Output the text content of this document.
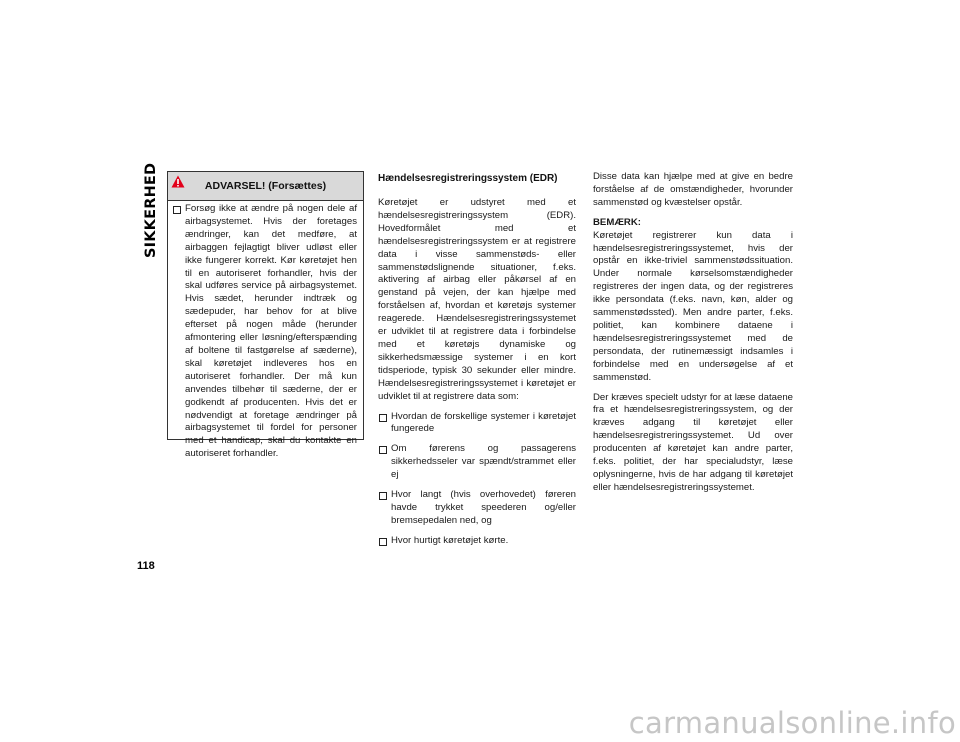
SIKKERHED	ADVARSEL! (Forsættes)
Forsøg ikke at ændre på nogen dele af airbagsystemet. Hvis der foretages ændringer, kan det medføre, at airbaggen fejlagtigt bliver udløst eller ikke fungerer korrekt. Kør køretøjet hen til en autoriseret forhandler, hvis der skal udføres service på airbagsystemet. Hvis sædet, herunder indtræk og sædepuder, har behov for at blive efterset på nogen måde (herunder afmontering eller løsning/efterspænding af boltene til fastgørelse af sæderne), skal køretøjet indleveres hos en autoriseret forhandler. Der må kun anvendes tilbehør til sæderne, der er godkendt af producenten. Hvis det er nødvendigt at foretage ændringer på airbagsystemet til fordel for personer med et handicap, skal du kontakte en autoriseret forhandler.
Hændelsesregistreringssystem (EDR)
Køretøjet er udstyret med et hændelsesregistreringssystem (EDR). Hovedformålet med et hændelsesregistreringssystem er at registrere data i visse sammenstøds- eller sammenstødslignende situationer, f.eks. aktivering af airbag eller påkørsel af en genstand på vejen, der kan hjælpe med forståelsen af, hvordan et køretøjs systemer reagerede. Hændelsesregistreringssystemet er udviklet til at registrere data i forbindelse med et køretøjs dynamiske og sikkerhedsmæssige systemer i en kort tidsperiode, typisk 30 sekunder eller mindre. Hændelsesregistreringssystemet i køretøjet er udviklet til at registrere data som:
Hvordan de forskellige systemer i køretøjet fungerede
Om førerens og passagerens sikkerhedsseler var spændt/strammet eller ej
Hvor langt (hvis overhovedet) føreren havde trykket speederen og/eller bremsepedalen ned, og
Hvor hurtigt køretøjet kørte.
Disse data kan hjælpe med at give en bedre forståelse af de omstændigheder, hvorunder sammenstød og kvæstelser opstår.
BEMÆRK:
Køretøjet registrerer kun data i hændelsesregistreringssystemet, hvis der opstår en ikke-triviel sammenstødssituation. Under normale kørselsomstændigheder registreres der ingen data, og der registreres ikke persondata (f.eks. navn, køn, alder og sammenstødssted). Men andre parter, f.eks. politiet, kan kombinere dataene i hændelsesregistreringssystemet med de persondata, der rutinemæssigt indsamles i forbindelse med en undersøgelse af et sammenstød.
Der kræves specielt udstyr for at læse dataene fra et hændelsesregistreringssystem, og der kræves adgang til køretøjet eller hændelsesregistreringssystemet. Ud over producenten af køretøjet kan andre parter, f.eks. politiet, der har specialudstyr, læse oplysningerne, hvis de har adgang til køretøjet eller hændelsesregistreringssystemet.
118
carmanualsonline.info
